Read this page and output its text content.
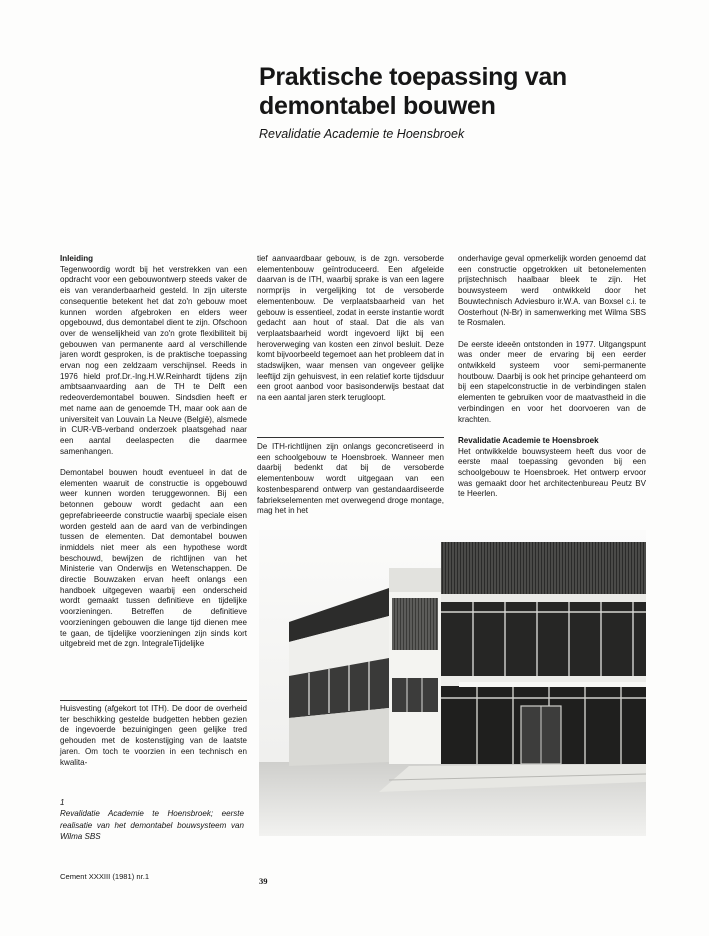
Praktische toepassing van
demontabel bouwen
Revalidatie Academie te Hoensbroek

Inleiding
Tegenwoordig wordt bij het verstrekken van een opdracht voor een gebouwontwerp steeds vaker de eis van veranderbaarheid gesteld. In zijn uiterste consequentie betekent het dat zo'n gebouw moet kunnen worden afgebroken en elders weer opgebouwd, dus demontabel dient te zijn. Ofschoon over de wenselijkheid van zo'n grote flexibiliteit bij gebouwen van permanente aard al verschillende jaren wordt gesproken, is de praktische toepassing ervan nog een zeldzaam verschijnsel. Reeds in 1976 hield prof.Dr.-Ing.H.W.Reinhardt tijdens zijn ambtsaanvaarding aan de TH te Delft een redeoverdemontabel bouwen. Sindsdien heeft er met name aan de genoemde TH, maar ook aan de universiteit van Louvain La Neuve (België), alsmede in CUR-VB-verband onderzoek plaatsgehad naar een aantal deelaspecten die daarmee samenhangen.

Demontabel bouwen houdt eventueel in dat de elementen waaruit de constructie is opgebouwd weer kunnen worden teruggewonnen. Bij een betonnen gebouw wordt gedacht aan een geprefabrieeerde constructie waarbij speciale eisen worden gesteld aan de aard van de verbindingen tussen de elementen. Dat demontabel bouwen inmiddels niet meer als een hypothese wordt beschouwd, bewijzen de richtlijnen van het Ministerie van Onderwijs en Wetenschappen. De directie Bouwzaken ervan heeft onlangs een handboek uitgegeven waarbij een onderscheid wordt gemaakt tussen definitieve en tijdelijke voorzieningen. Betreffen de definitieve voorzieningen gebouwen die lange tijd dienen mee te gaan, de tijdelijke voorzieningen zijn sinds kort uitgebreid met de zgn. IntegraleTijdelijke

Huisvesting (afgekort tot ITH). De door de overheid ter beschikking gestelde budgetten hebben gezien de ingevoerde bezuinigingen geen gelijke tred gehouden met de kostenstijging van de laatste jaren. Om toch te voorzien in een technisch en kwalita-

tief aanvaardbaar gebouw, is de zgn. versoberde elementenbouw geïntroduceerd. Een afgeleide daarvan is de ITH, waarbij sprake is van een lagere normprijs in vergelijking tot de versoberde elementenbouw. De verplaatsbaarheid van het gebouw is essentieel, zodat in eerste instantie wordt gedacht aan hout of staal. Dat die als van verplaatsbaarheid wordt ingevoerd lijkt bij een heroverweging van kosten een zinvol besluit. Deze komt bijvoorbeeld tegemoet aan het probleem dat in stadswijken, waar mensen van ongeveer gelijke leeftijd zijn gehuisvest, in een relatief korte tijdsduur een groot aanbod voor basisonderwijs bestaat dat na een aantal jaren sterk terugloopt.

De ITH-richtlijnen zijn onlangs geconcretiseerd in een schoolgebouw te Hoensbroek. Wanneer men daarbij bedenkt dat bij de versoberde elementenbouw wordt uitgegaan van een kostenbesparend ontwerp van gestandaardiseerde fabriekselementen met overwegend droge montage, mag het in het

onderhavige geval opmerkelijk worden genoemd dat een constructie opgetrokken uit betonelementen prijstechnisch haalbaar bleek te zijn. Het bouwsysteem werd ontwikkeld door het Bouwtechnisch Adviesburo ir.W.A. van Boxsel c.i. te Oosterhout (N-Br) in samenwerking met Wilma SBS te Rosmalen.

De eerste ideeën ontstonden in 1977. Uitgangspunt was onder meer de ervaring bij een eerder ontwikkeld systeem voor semi-permanente houtbouw. Daarbij is ook het principe gehanteerd om bij een stapelconstructie in de verbindingen stalen elementen te gebruiken voor de maatvastheid in die verbindingen en voor het doorvoeren van de krachten.

Revalidatie Academie te Hoensbroek
Het ontwikkelde bouwsysteem heeft dus voor de eerste maal toepassing gevonden bij een schoolgebouw te Hoensbroek. Het ontwerp ervoor was gemaakt door het architectenbureau Peutz BV te Heerlen.

1
Revalidatie Academie te Hoensbroek; eerste realisatie van het demontabel bouwsysteem van Wilma SBS
Cement XXXIII (1981) nr.1	39
